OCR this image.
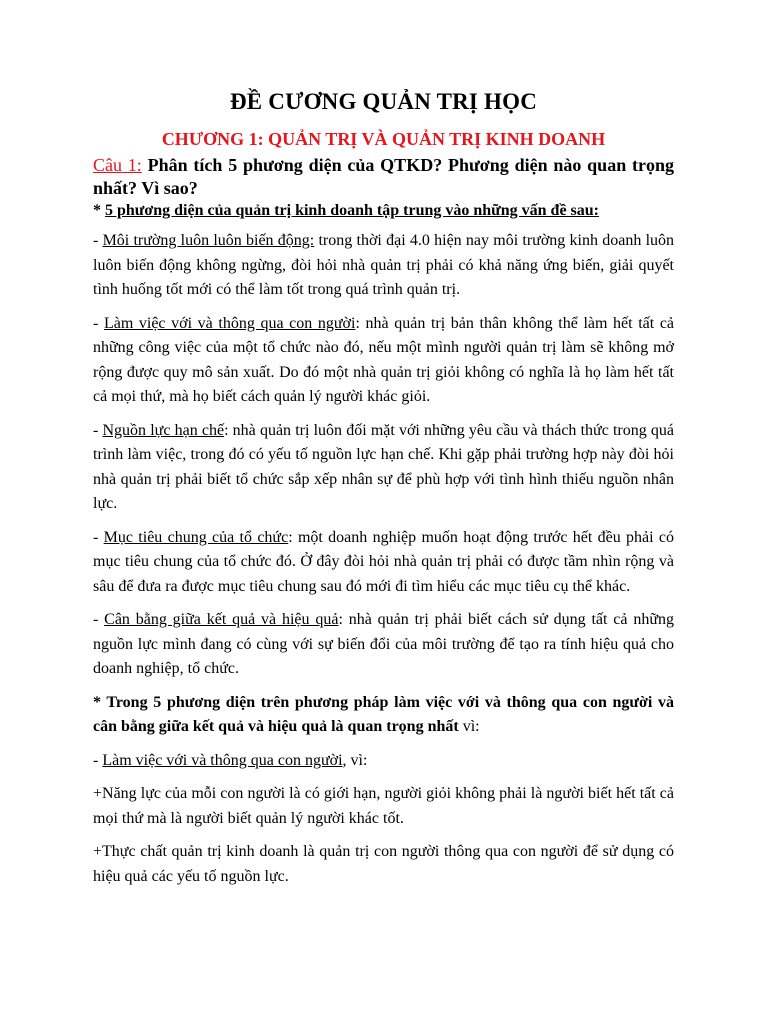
ĐỀ CƯƠNG QUẢN TRỊ HỌC
CHƯƠNG 1: QUẢN TRỊ VÀ QUẢN TRỊ KINH DOANH

Câu 1: Phân tích 5 phương diện của QTKD? Phương diện nào quan trọng nhất? Vì sao?

* 5 phương diện của quản trị kinh doanh tập trung vào những vấn đề sau:

- Môi trường luôn luôn biến động: trong thời đại 4.0 hiện nay môi trường kinh doanh luôn luôn biến động không ngừng, đòi hỏi nhà quản trị phải có khả năng ứng biến, giải quyết tình huống tốt mới có thể làm tốt trong quá trình quản trị.

- Làm việc với và thông qua con người: nhà quản trị bản thân không thể làm hết tất cả những công việc của một tổ chức nào đó, nếu một mình người quản trị làm sẽ không mở rộng được quy mô sản xuất. Do đó một nhà quản trị giỏi không có nghĩa là họ làm hết tất cả mọi thứ, mà họ biết cách quản lý người khác giỏi.

- Nguồn lực hạn chế: nhà quản trị luôn đối mặt với những yêu cầu và thách thức trong quá trình làm việc, trong đó có yếu tố nguồn lực hạn chế. Khi gặp phải trường hợp này đòi hỏi nhà quản trị phải biết tổ chức sắp xếp nhân sự để phù hợp với tình hình thiếu nguồn nhân lực.

- Mục tiêu chung của tổ chức: một doanh nghiệp muốn hoạt động trước hết đều phải có mục tiêu chung của tổ chức đó. Ở đây đòi hỏi nhà quản trị phải có được tầm nhìn rộng và sâu để đưa ra được mục tiêu chung sau đó mới đi tìm hiểu các mục tiêu cụ thể khác.

- Cân bằng giữa kết quả và hiệu quả: nhà quản trị phải biết cách sử dụng tất cả những nguồn lực mình đang có cùng với sự biến đổi của môi trường để tạo ra tính hiệu quả cho doanh nghiệp, tổ chức.

* Trong 5 phương diện trên phương pháp làm việc với và thông qua con người và cân bằng giữa kết quả và hiệu quả là quan trọng nhất vì:

- Làm việc với và thông qua con người, vì:

+Năng lực của mỗi con người là có giới hạn, người giỏi không phải là người biết hết tất cả mọi thứ mà là người biết quản lý người khác tốt.

+Thực chất quản trị kinh doanh là quản trị con người thông qua con người để sử dụng có hiệu quả các yếu tố nguồn lực.
